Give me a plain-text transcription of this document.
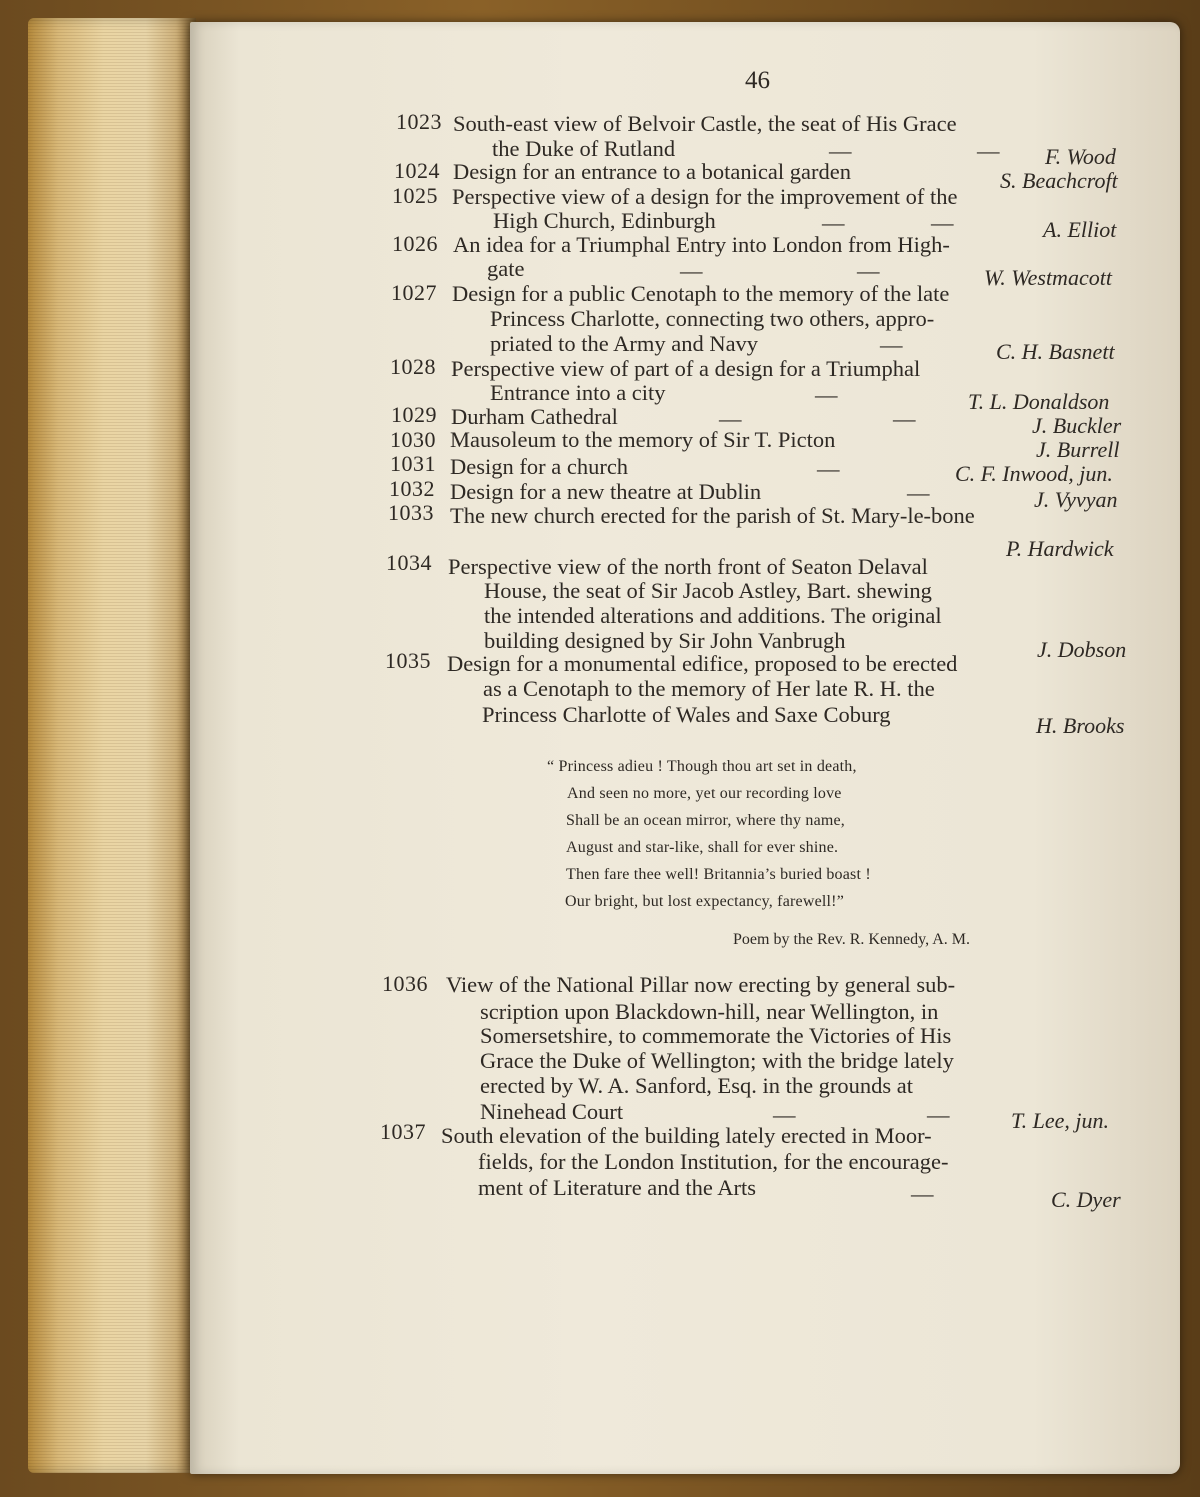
46
1023 South-east view of Belvoir Castle, the seat of His Grace
the Duke of Rutland	—	— F. Wood
1024 Design for an entrance to a botanical garden	S. Beachcroft
1025 Perspective view of a design for the improvement of the
High Church, Edinburgh	—	—	A. Elliot
1026 An idea for a Triumphal Entry into London from High-
gate	—	—	W. Westmacott
1027 Design for a public Cenotaph to the memory of the late
Princess Charlotte, connecting two others, appro-
priated to the Army and Navy	—	C. H. Basnett
1028 Perspective view of part of a design for a Triumphal
Entrance into a city	—	T. L. Donaldson
1029 Durham Cathedral	—	—	J. Buckler
1030 Mausoleum to the memory of Sir T. Picton	J. Burrell
1031 Design for a church	—	C. F. Inwood, jun.
1032 Design for a new theatre at Dublin	—	J. Vyvyan
1033 The new church erected for the parish of St. Mary-le-bone
P. Hardwick
1034 Perspective view of the north front of Seaton Delaval
House, the seat of Sir Jacob Astley, Bart. shewing
the intended alterations and additions. The original
building designed by Sir John Vanbrugh	J. Dobson
1035 Design for a monumental edifice, proposed to be erected
as a Cenotaph to the memory of Her late R. H. the
Princess Charlotte of Wales and Saxe Coburg	H. Brooks
1036 View of the National Pillar now erecting by general sub-
scription upon Blackdown-hill, near Wellington, in
Somersetshire, to commemorate the Victories of His
Grace the Duke of Wellington; with the bridge lately
erected by W. A. Sanford, Esq. in the grounds at
Ninehead Court	—	—	T. Lee, jun.
1037 South elevation of the building lately erected in Moor-
fields, for the London Institution, for the encourage-
ment of Literature and the Arts	—	C. Dyer
“ Princess adieu ! Though thou art set in death,
And seen no more, yet our recording love
Shall be an ocean mirror, where thy name,
August and star-like, shall for ever shine.
Then fare thee well! Britannia’s buried boast !
Our bright, but lost expectancy, farewell!”
Poem by the Rev. R. Kennedy, A. M.
